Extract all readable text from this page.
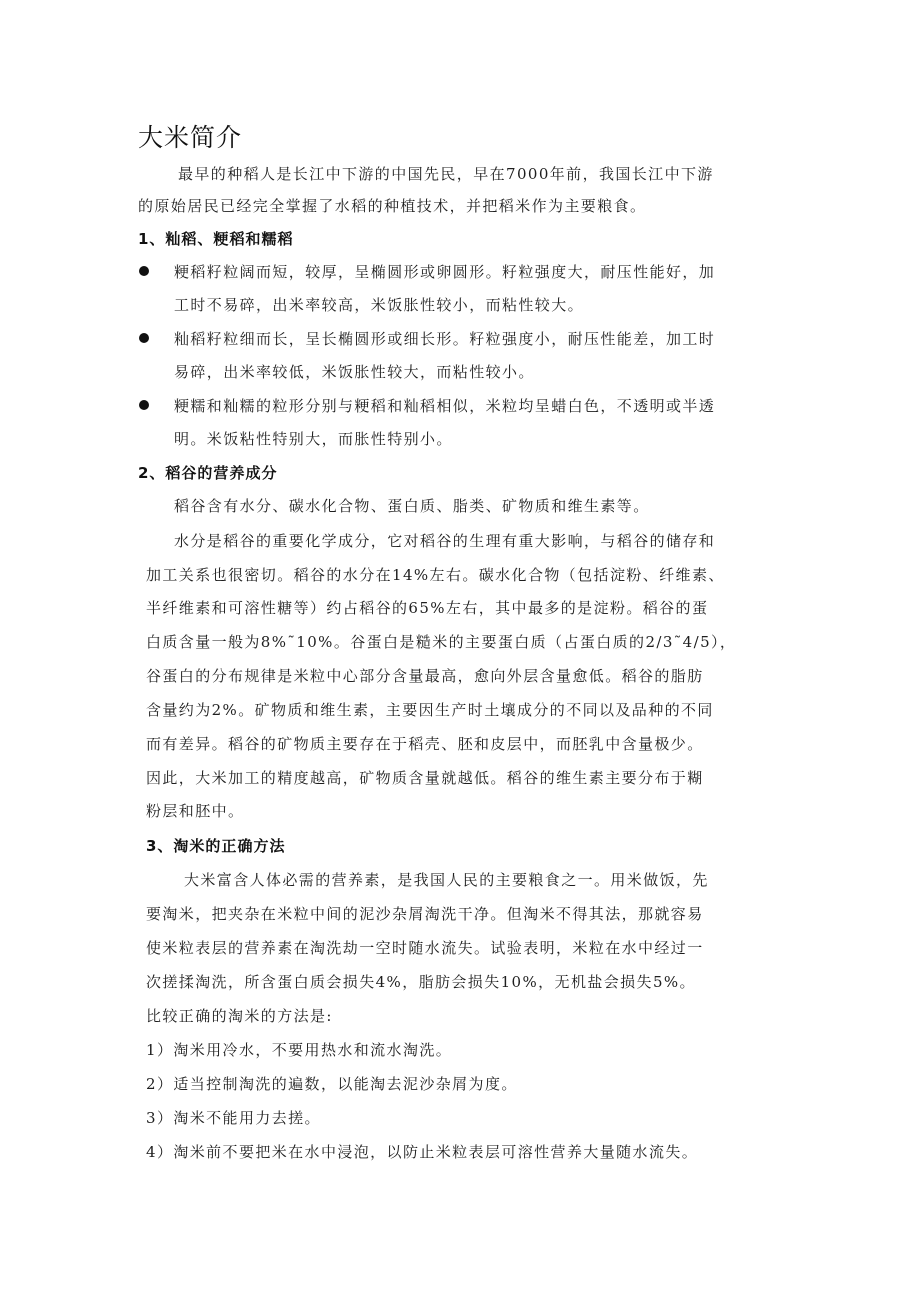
大米简介
最早的种稻人是长江中下游的中国先民，早在7000年前，我国长江中下游
的原始居民已经完全掌握了水稻的种植技术，并把稻米作为主要粮食。
1、籼稻、粳稻和糯稻
粳稻籽粒阔而短，较厚，呈椭圆形或卵圆形。籽粒强度大，耐压性能好，加
工时不易碎，出米率较高，米饭胀性较小，而粘性较大。
籼稻籽粒细而长，呈长椭圆形或细长形。籽粒强度小，耐压性能差，加工时
易碎，出米率较低，米饭胀性较大，而粘性较小。
粳糯和籼糯的粒形分别与粳稻和籼稻相似，米粒均呈蜡白色，不透明或半透
明。米饭粘性特别大，而胀性特别小。
2、稻谷的营养成分
稻谷含有水分、碳水化合物、蛋白质、脂类、矿物质和维生素等。
水分是稻谷的重要化学成分，它对稻谷的生理有重大影响，与稻谷的储存和
加工关系也很密切。稻谷的水分在14%左右。碳水化合物（包括淀粉、纤维素、
半纤维素和可溶性糖等）约占稻谷的65%左右，其中最多的是淀粉。稻谷的蛋
白质含量一般为8%˜10%。谷蛋白是糙米的主要蛋白质（占蛋白质的2/3˜4/5），
谷蛋白的分布规律是米粒中心部分含量最高，愈向外层含量愈低。稻谷的脂肪
含量约为2%。矿物质和维生素，主要因生产时土壤成分的不同以及品种的不同
而有差异。稻谷的矿物质主要存在于稻壳、胚和皮层中，而胚乳中含量极少。
因此，大米加工的精度越高，矿物质含量就越低。稻谷的维生素主要分布于糊
粉层和胚中。
3、淘米的正确方法
大米富含人体必需的营养素，是我国人民的主要粮食之一。用米做饭，先
要淘米，把夹杂在米粒中间的泥沙杂屑淘洗干净。但淘米不得其法，那就容易
使米粒表层的营养素在淘洗劫一空时随水流失。试验表明，米粒在水中经过一
次搓揉淘洗，所含蛋白质会损失4%，脂肪会损失10%，无机盐会损失5%。
比较正确的淘米的方法是:
1）淘米用冷水，不要用热水和流水淘洗。
2）适当控制淘洗的遍数，以能淘去泥沙杂屑为度。
3）淘米不能用力去搓。
4）淘米前不要把米在水中浸泡，以防止米粒表层可溶性营养大量随水流失。
